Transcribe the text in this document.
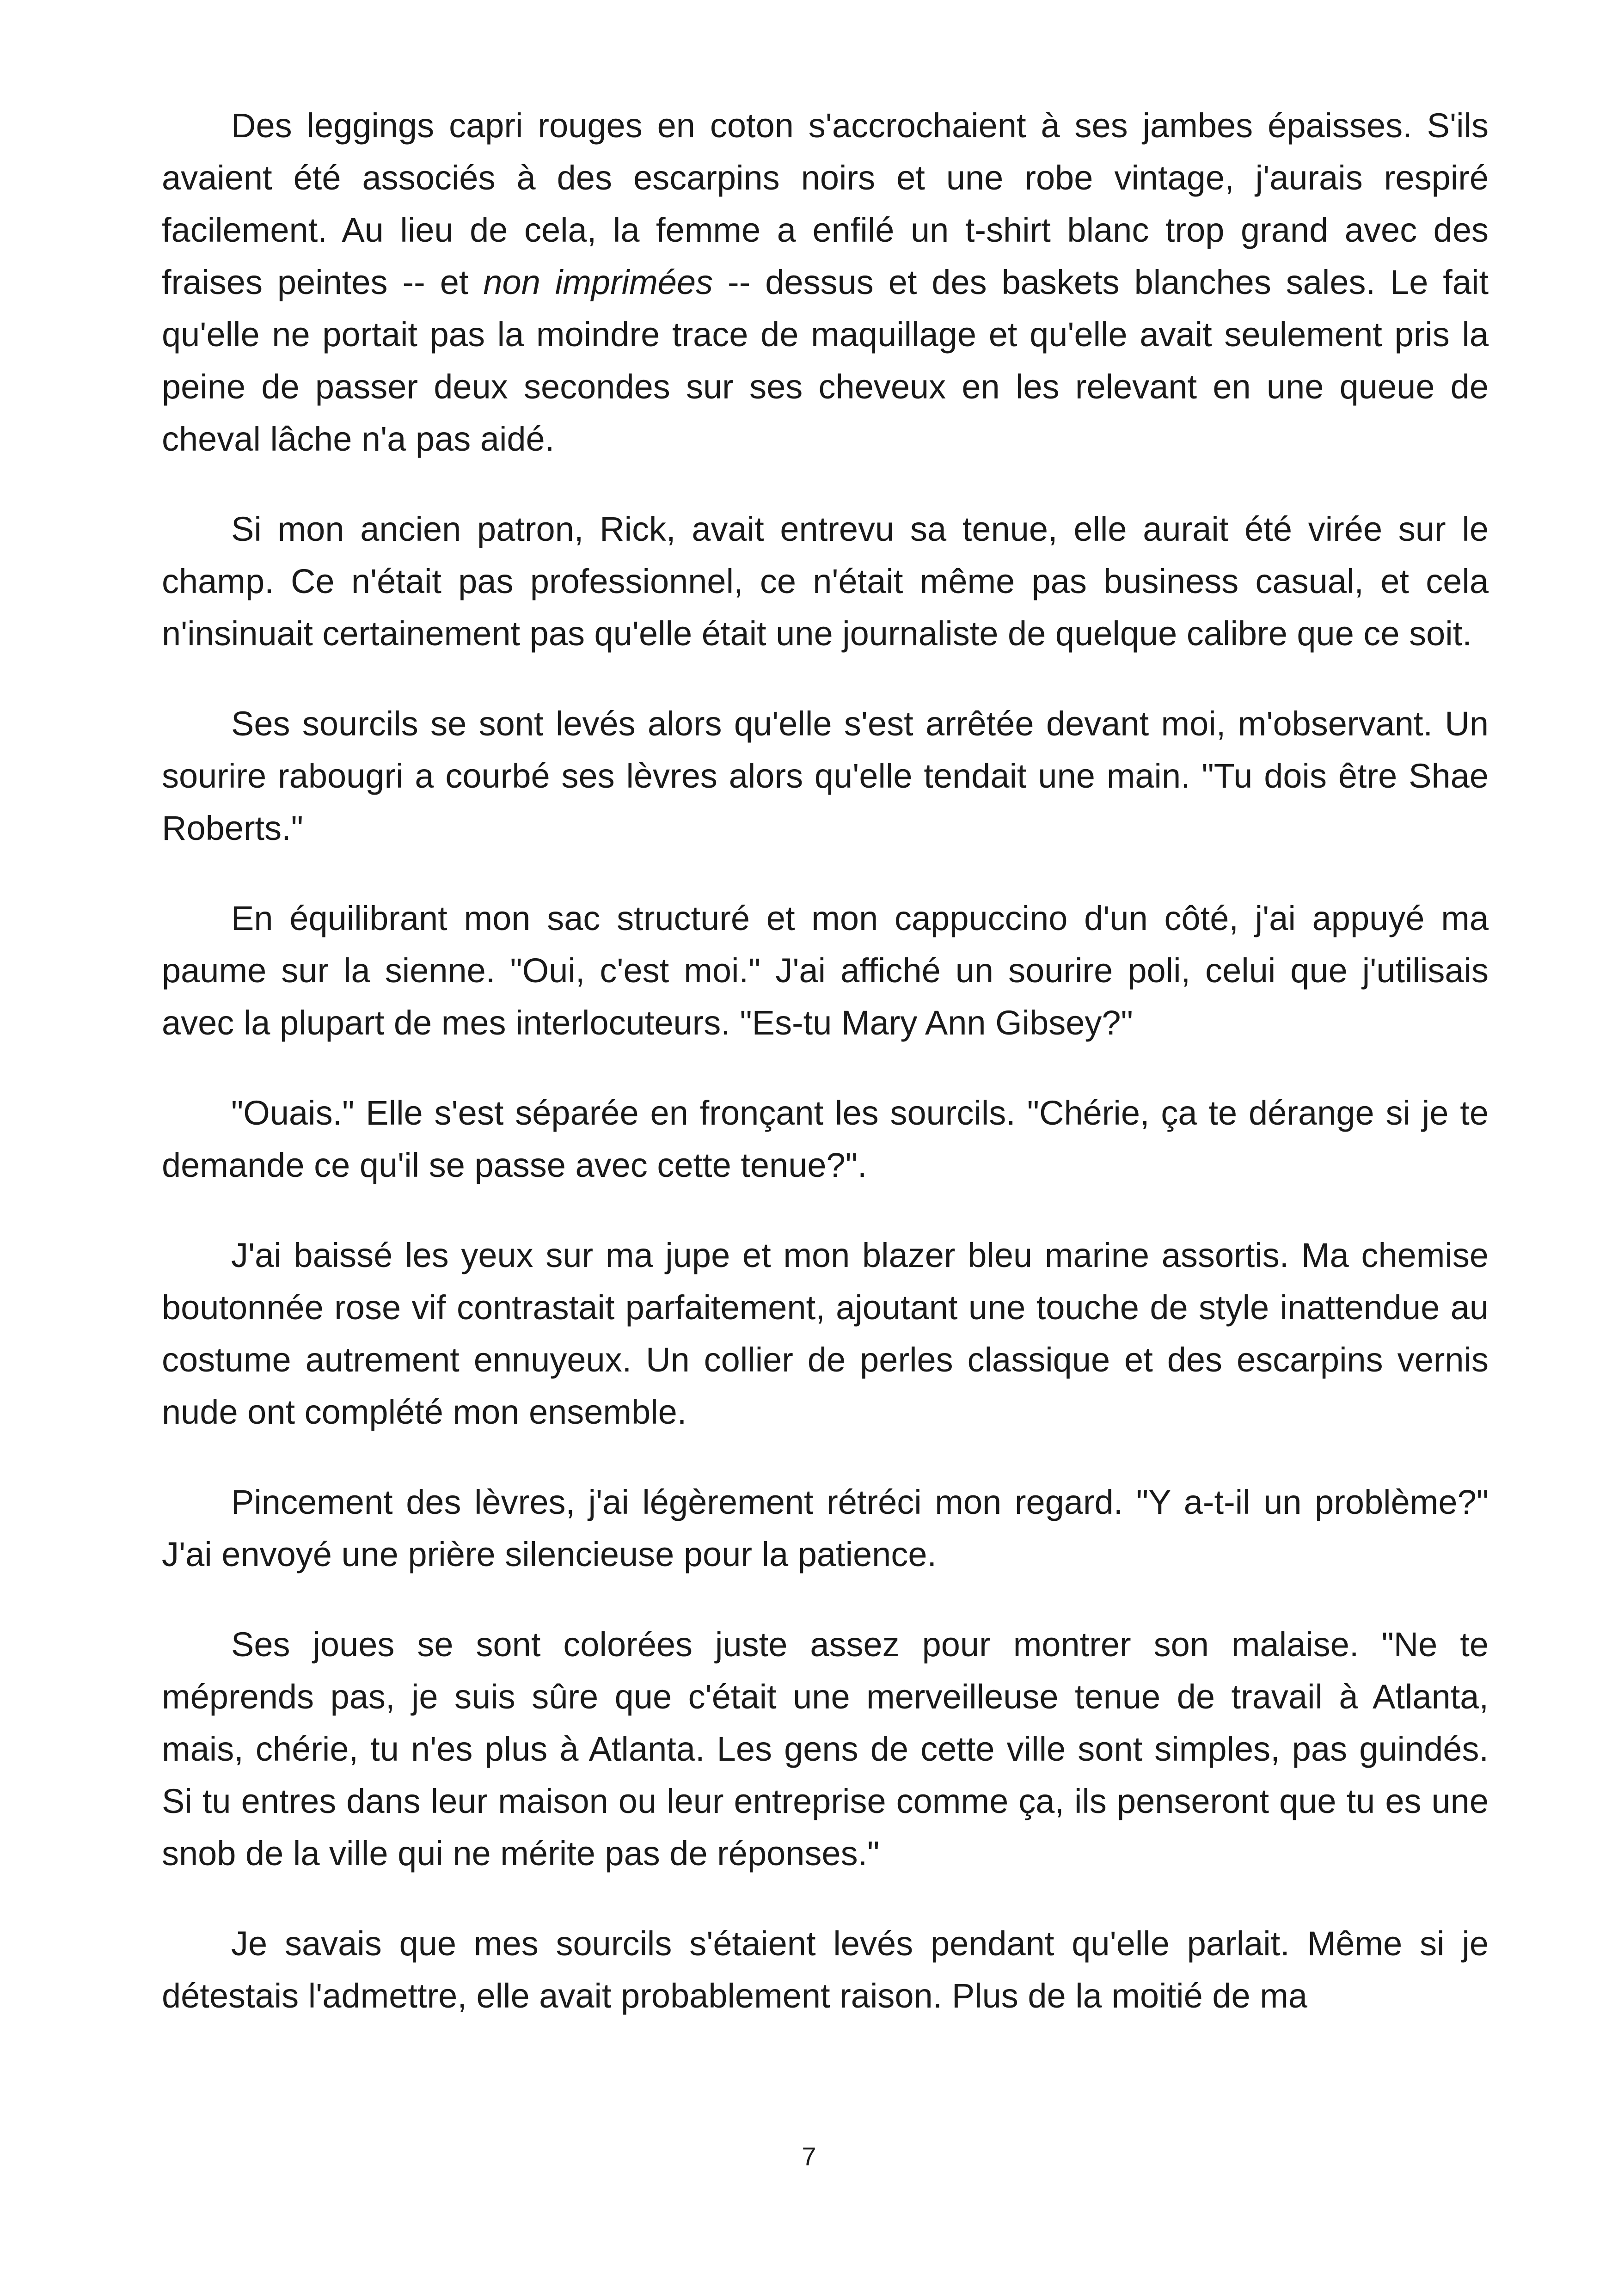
Des leggings capri rouges en coton s'accrochaient à ses jambes épaisses. S'ils avaient été associés à des escarpins noirs et une robe vintage, j'aurais respiré facilement. Au lieu de cela, la femme a enfilé un t-shirt blanc trop grand avec des fraises peintes -- et non imprimées -- dessus et des baskets blanches sales. Le fait qu'elle ne portait pas la moindre trace de maquillage et qu'elle avait seulement pris la peine de passer deux secondes sur ses cheveux en les relevant en une queue de cheval lâche n'a pas aidé.

Si mon ancien patron, Rick, avait entrevu sa tenue, elle aurait été virée sur le champ. Ce n'était pas professionnel, ce n'était même pas business casual, et cela n'insinuait certainement pas qu'elle était une journaliste de quelque calibre que ce soit.

Ses sourcils se sont levés alors qu'elle s'est arrêtée devant moi, m'observant. Un sourire rabougri a courbé ses lèvres alors qu'elle tendait une main. "Tu dois être Shae Roberts."

En équilibrant mon sac structuré et mon cappuccino d'un côté, j'ai appuyé ma paume sur la sienne. "Oui, c'est moi." J'ai affiché un sourire poli, celui que j'utilisais avec la plupart de mes interlocuteurs. "Es-tu Mary Ann Gibsey?"

"Ouais." Elle s'est séparée en fronçant les sourcils. "Chérie, ça te dérange si je te demande ce qu'il se passe avec cette tenue?".

J'ai baissé les yeux sur ma jupe et mon blazer bleu marine assortis. Ma chemise boutonnée rose vif contrastait parfaitement, ajoutant une touche de style inattendue au costume autrement ennuyeux. Un collier de perles classique et des escarpins vernis nude ont complété mon ensemble.

Pincement des lèvres, j'ai légèrement rétréci mon regard. "Y a-t-il un problème?" J'ai envoyé une prière silencieuse pour la patience.

Ses joues se sont colorées juste assez pour montrer son malaise. "Ne te méprends pas, je suis sûre que c'était une merveilleuse tenue de travail à Atlanta, mais, chérie, tu n'es plus à Atlanta. Les gens de cette ville sont simples, pas guindés. Si tu entres dans leur maison ou leur entreprise comme ça, ils penseront que tu es une snob de la ville qui ne mérite pas de réponses."

Je savais que mes sourcils s'étaient levés pendant qu'elle parlait. Même si je détestais l'admettre, elle avait probablement raison. Plus de la moitié de ma

7
